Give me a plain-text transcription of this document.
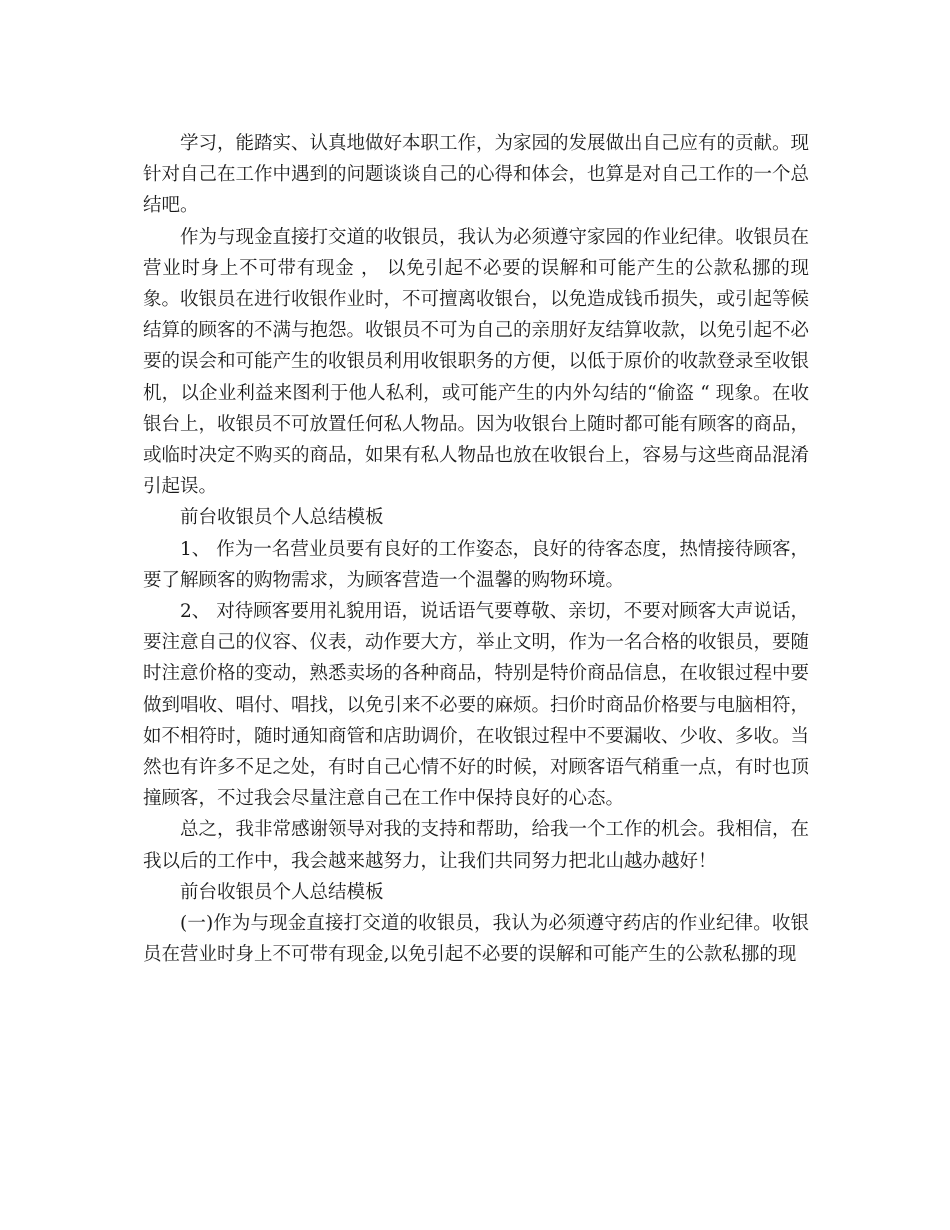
学习，能踏实、认真地做好本职工作，为家园的发展做出自己应有的贡献。现针对自己在工作中遇到的问题谈谈自己的心得和体会，也算是对自己工作的一个总结吧。

作为与现金直接打交道的收银员，我认为必须遵守家园的作业纪律。收银员在营业时身上不可带有现金 ， 以免引起不必要的误解和可能产生的公款私挪的现象。收银员在进行收银作业时，不可擅离收银台，以免造成钱币损失，或引起等候结算的顾客的不满与抱怨。收银员不可为自己的亲朋好友结算收款，以免引起不必要的误会和可能产生的收银员利用收银职务的方便，以低于原价的收款登录至收银机，以企业利益来图利于他人私利，或可能产生的内外勾结的“偷盗 “ 现象。在收银台上，收银员不可放置任何私人物品。因为收银台上随时都可能有顾客的商品，或临时决定不购买的商品，如果有私人物品也放在收银台上，容易与这些商品混淆引起误。

前台收银员个人总结模板

1、 作为一名营业员要有良好的工作姿态，良好的待客态度，热情接待顾客，要了解顾客的购物需求，为顾客营造一个温馨的购物环境。

2、 对待顾客要用礼貌用语，说话语气要尊敬、亲切，不要对顾客大声说话，要注意自己的仪容、仪表，动作要大方，举止文明，作为一名合格的收银员，要随时注意价格的变动，熟悉卖场的各种商品，特别是特价商品信息，在收银过程中要做到唱收、唱付、唱找，以免引来不必要的麻烦。扫价时商品价格要与电脑相符，如不相符时，随时通知商管和店助调价，在收银过程中不要漏收、少收、多收。当然也有许多不足之处，有时自己心情不好的时候，对顾客语气稍重一点，有时也顶撞顾客，不过我会尽量注意自己在工作中保持良好的心态。

总之，我非常感谢领导对我的支持和帮助，给我一个工作的机会。我相信，在我以后的工作中，我会越来越努力，让我们共同努力把北山越办越好！

前台收银员个人总结模板

(一)作为与现金直接打交道的收银员，我认为必须遵守药店的作业纪律。收银员在营业时身上不可带有现金,以免引起不必要的误解和可能产生的公款私挪的现
